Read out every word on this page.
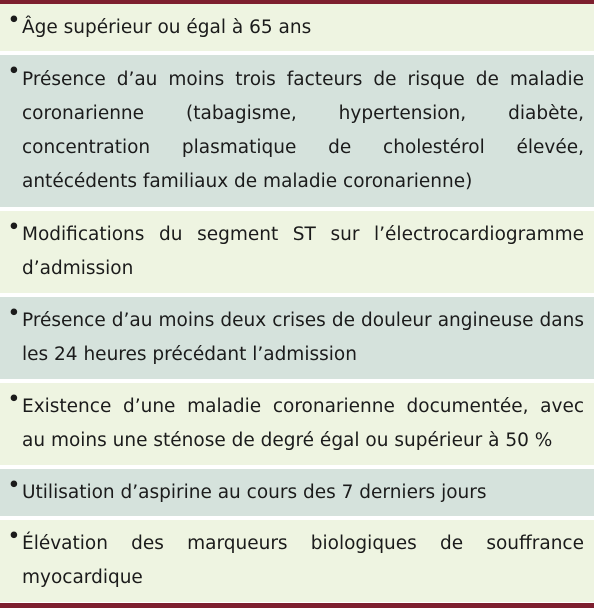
• Âge supérieur ou égal à 65 ans
• Présence d’au moins trois facteurs de risque de maladie coronarienne (tabagisme, hypertension, diabète, concentration plasmatique de cholestérol élevée, antécédents familiaux de maladie coronarienne)
• Modifications du segment ST sur l’électrocardiogramme d’admission
• Présence d’au moins deux crises de douleur angineuse dans les 24 heures précédant l’admission
• Existence d’une maladie coronarienne documentée, avec au moins une sténose de degré égal ou supérieur à 50 %
• Utilisation d’aspirine au cours des 7 derniers jours
• Élévation des marqueurs biologiques de souffrance myocardique
